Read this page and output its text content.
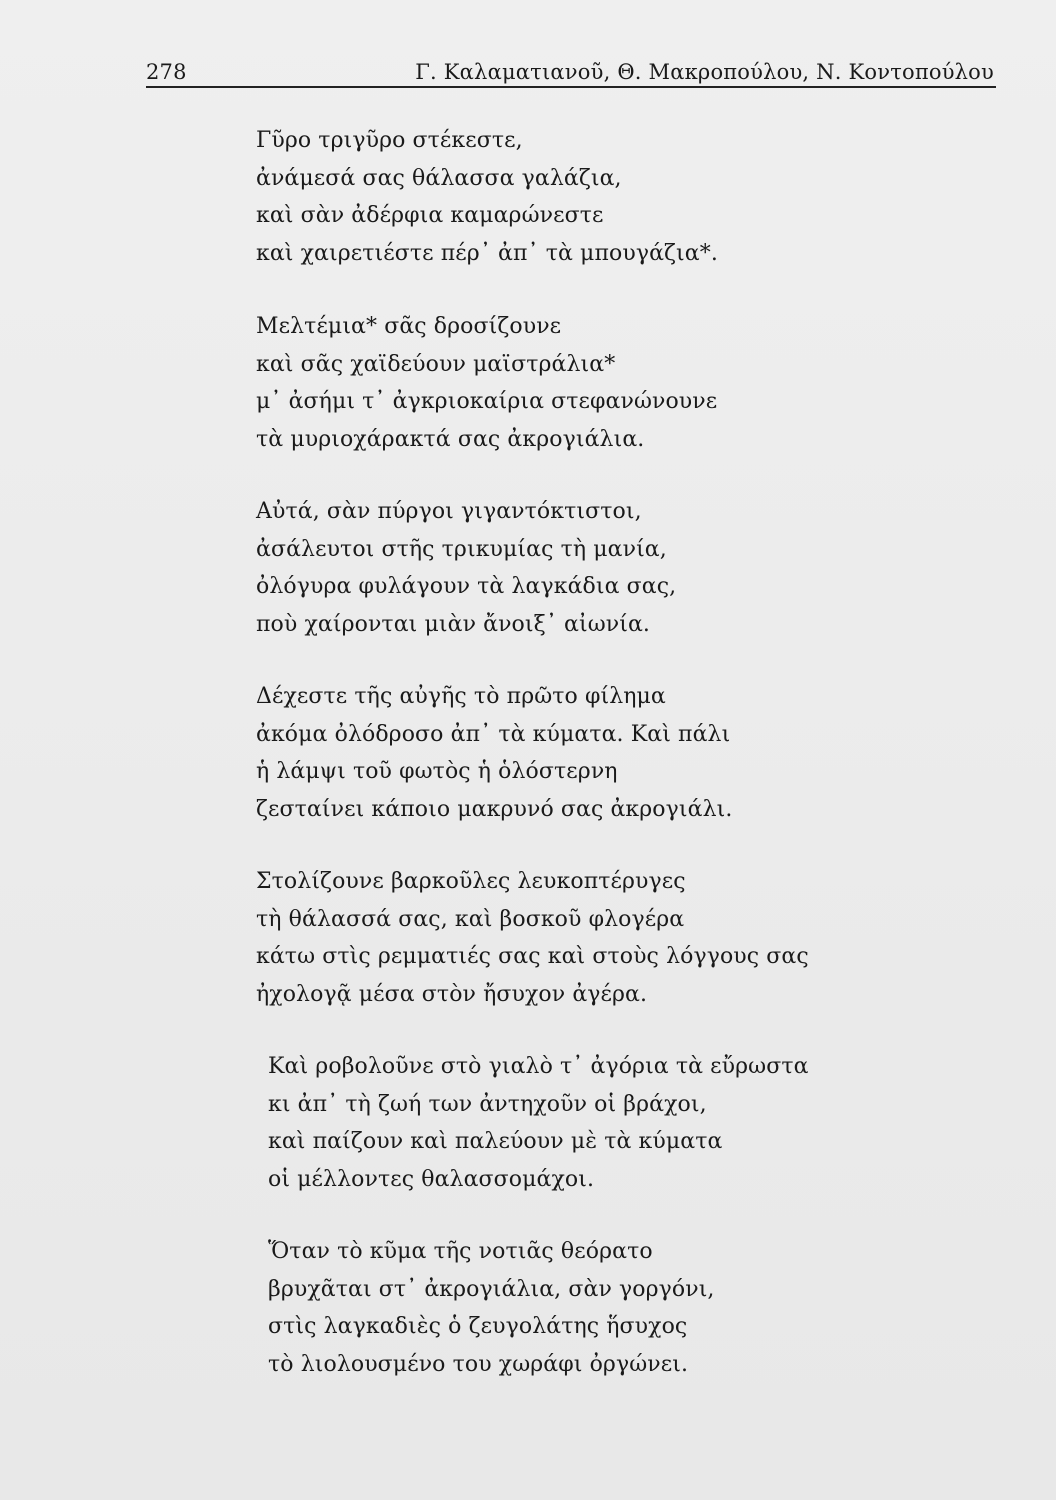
278	Γ. Καλαματιανοῦ, Θ. Μακροπούλου, Ν. Κοντοπούλου
Γῦρο τριγῦρο στέκεστε,
ἀνάμεσά σας θάλασσα γαλάζια,
καὶ σὰν ἀδέρφια καμαρώνεστε
καὶ χαιρετιέστε πέρ᾽ ἀπ᾽ τὰ μπουγάζια*.
Μελτέμια* σᾶς δροσίζουνε
καὶ σᾶς χαϊδεύουν μαϊστράλια*
μ᾽ ἀσήμι τ᾽ ἀγκριοκαίρια στεφανώνουνε
τὰ μυριοχάρακτά σας ἀκρογιάλια.
Αὐτά, σὰν πύργοι γιγαντόκτιστοι,
ἀσάλευτοι στῆς τρικυμίας τὴ μανία,
ὀλόγυρα φυλάγουν τὰ λαγκάδια σας,
ποὺ χαίρονται μιὰν ἄνοιξ᾽ αἰωνία.
Δέχεστε τῆς αὐγῆς τὸ πρῶτο φίλημα
ἀκόμα ὀλόδροσο ἀπ᾽ τὰ κύματα. Καὶ πάλι
ἡ λάμψι τοῦ φωτὸς ἡ ὁλόστερνη
ζεσταίνει κάποιο μακρυνό σας ἀκρογιάλι.
Στολίζουνε βαρκοῦλες λευκοπτέρυγες
τὴ θάλασσά σας, καὶ βοσκοῦ φλογέρα
κάτω στὶς ρεμματιές σας καὶ στοὺς λόγγους σας
ἠχολογᾷ μέσα στὸν ἤσυχον ἀγέρα.
Καὶ ροβολοῦνε στὸ γιαλὸ τ᾽ ἀγόρια τὰ εὔρωστα
κι ἀπ᾽ τὴ ζωή των ἀντηχοῦν οἱ βράχοι,
καὶ παίζουν καὶ παλεύουν μὲ τὰ κύματα
οἱ μέλλοντες θαλασσομάχοι.
Ὅταν τὸ κῦμα τῆς νοτιᾶς θεόρατο
βρυχᾶται στ᾽ ἀκρογιάλια, σὰν γοργόνι,
στὶς λαγκαδιὲς ὁ ζευγολάτης ἥσυχος
τὸ λιολουσμένο του χωράφι ὀργώνει.
